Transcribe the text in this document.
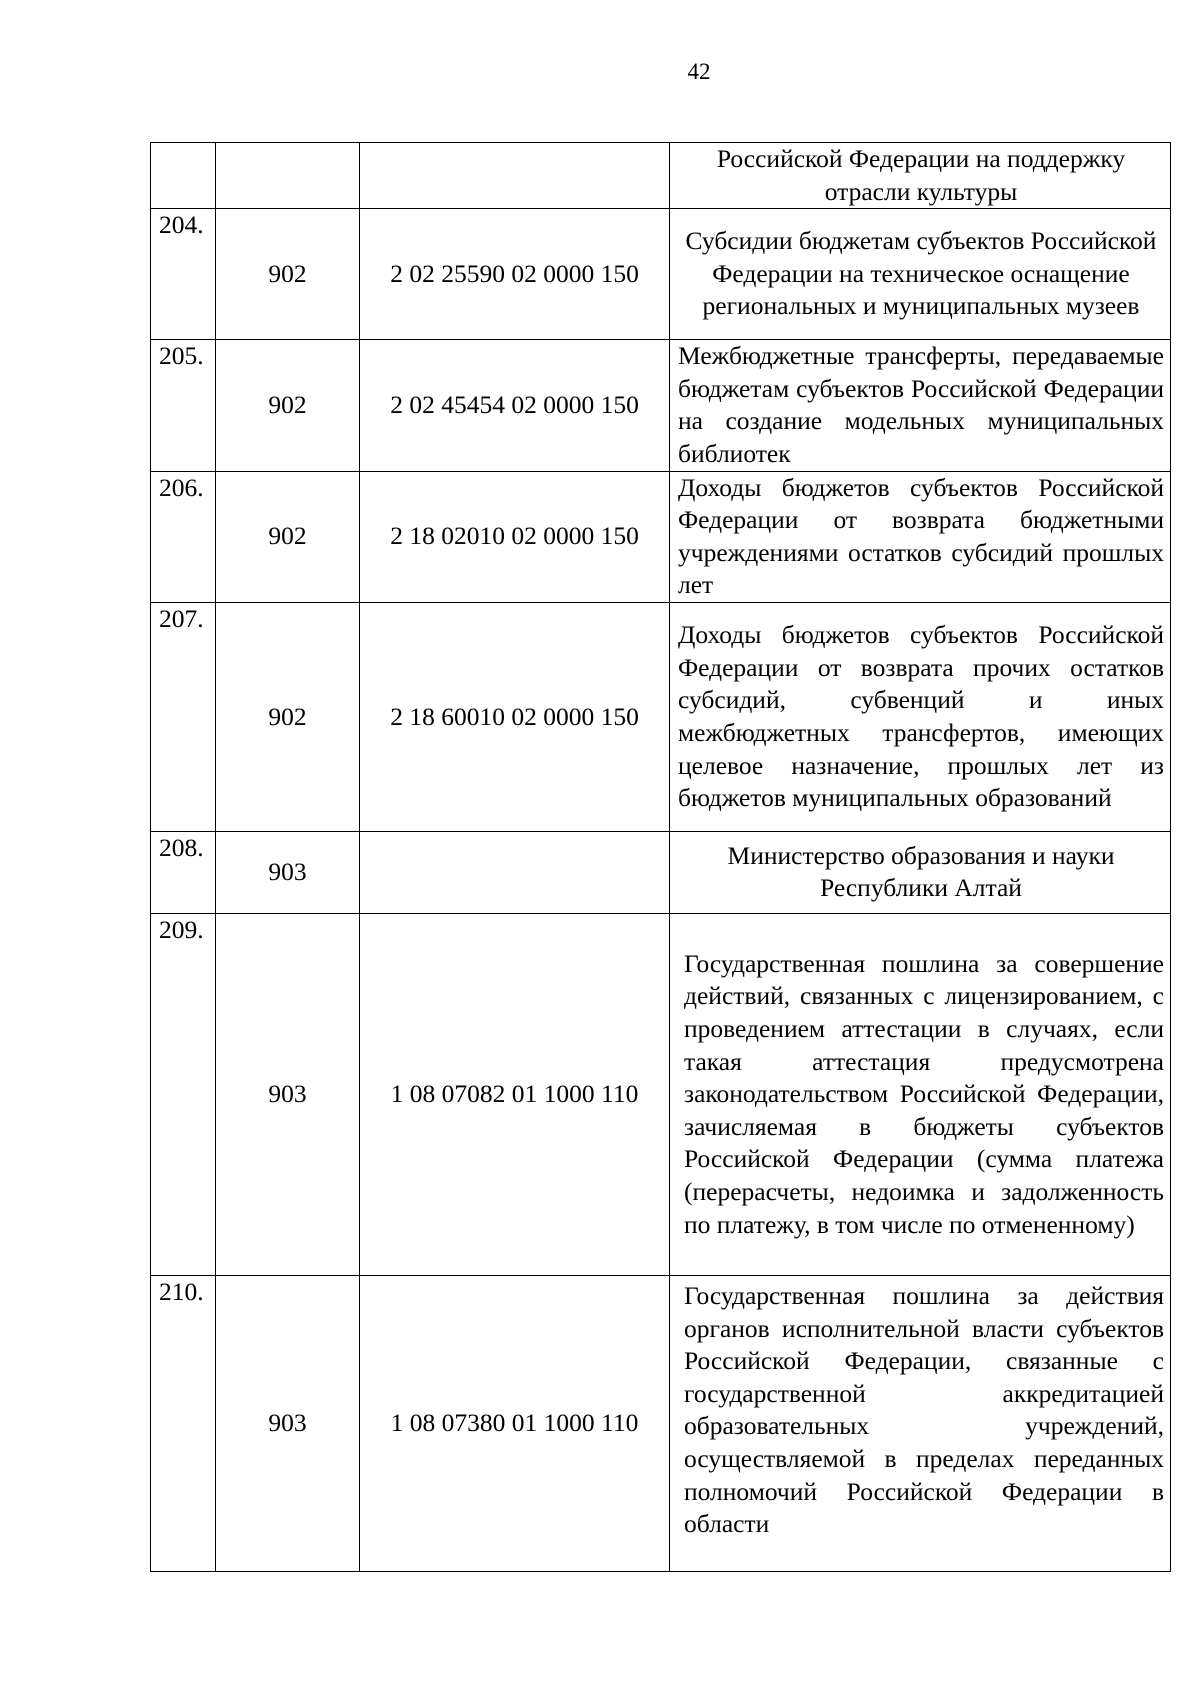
42
			Российской Федерации на поддержку отрасли культуры
204.	902	2 02 25590 02 0000 150	Субсидии бюджетам субъектов Российской Федерации на техническое оснащение региональных и муниципальных музеев
205.	902	2 02 45454 02 0000 150	Межбюджетные трансферты, передаваемые бюджетам субъектов Российской Федерации на создание модельных муниципальных библиотек
206.	902	2 18 02010 02 0000 150	Доходы бюджетов субъектов Российской Федерации от возврата бюджетными учреждениями остатков субсидий прошлых лет
207.	902	2 18 60010 02 0000 150	Доходы бюджетов субъектов Российской Федерации от возврата прочих остатков субсидий, субвенций и иных межбюджетных трансфертов, имеющих целевое назначение, прошлых лет из бюджетов муниципальных образований
208.	903		Министерство образования и науки Республики Алтай
209.	903	1 08 07082 01 1000 110	Государственная пошлина за совершение действий, связанных с лицензированием, с проведением аттестации в случаях, если такая аттестация предусмотрена законодательством Российской Федерации, зачисляемая в бюджеты субъектов Российской Федерации (сумма платежа (перерасчеты, недоимка и задолженность по платежу, в том числе по отмененному)
210.	903	1 08 07380 01 1000 110	Государственная пошлина за действия органов исполнительной власти субъектов Российской Федерации, связанные с государственной аккредитацией образовательных учреждений, осуществляемой в пределах переданных полномочий Российской Федерации в области
